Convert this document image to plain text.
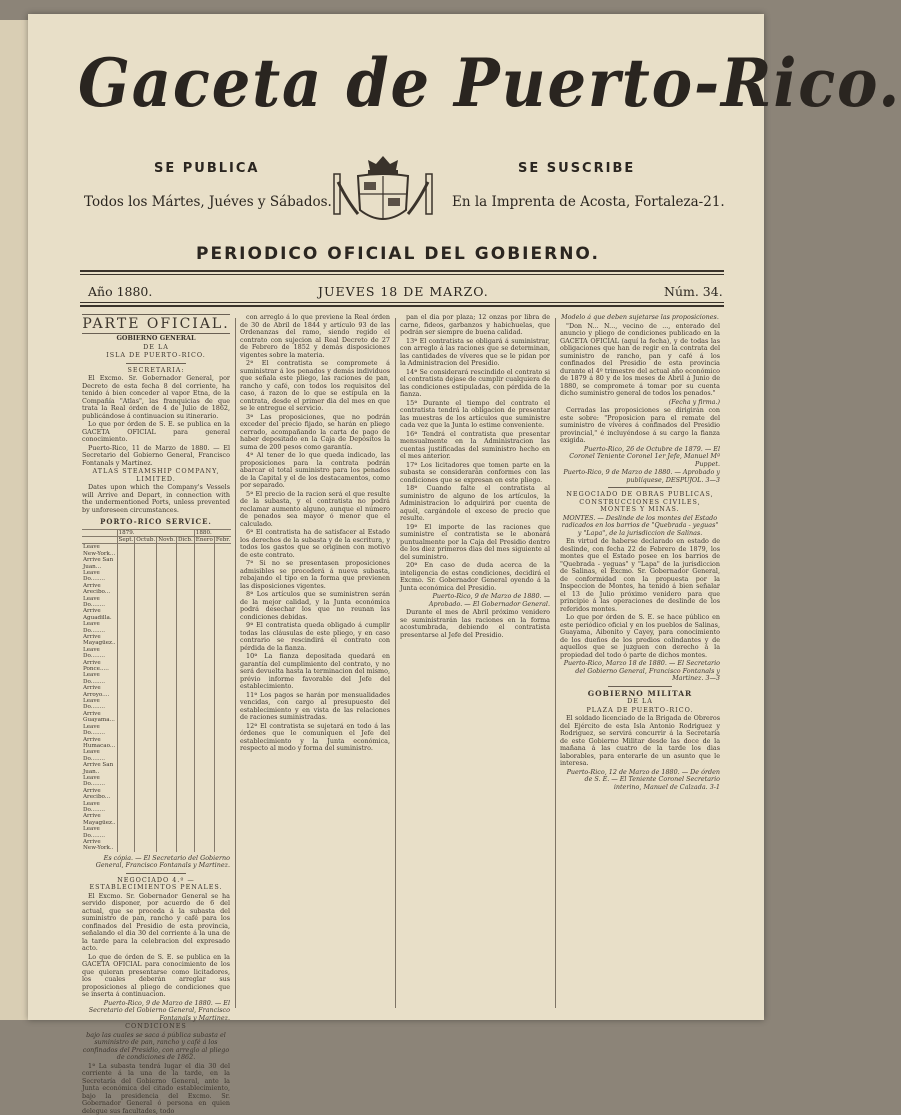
Gaceta de Puerto-Rico.
SE PUBLICA	SE SUSCRIBE
Todos los Mártes, Juéves y Sábados.	En la Imprenta de Acosta, Fortaleza-21.
PERIODICO OFICIAL DEL GOBIERNO.
Año 1880.	JUEVES 18 DE MARZO.	Núm. 34.

PARTE OFICIAL.

GOBIERNO GENERAL

DE LA

ISLA DE PUERTO-RICO.

SECRETARIA:

El Excmo. Sr. Gobernador General, por Decreto de esta fecha 8 del corriente, ha tenido á bien conceder al vapor Etna, de la Compañía "Atlas", las franquicias de que trata la Real órden de 4 de Julio de 1862, publicándose á continuacion su itinerario.

Lo que por órden de S. E. se publica en la GACETA OFICIAL para general conocimiento.

Puerto-Rico, 11 de Marzo de 1880. — El Secretario del Gobierno General, Francisco Fontanals y Martinez.

ATLAS STEAMSHIP COMPANY, LIMITED.

Dates upon which the Company's Vessels will Arrive and Depart, in connection with the undermentioned Ports, unless prevented by unforeseen circumstances.

PORTO-RICO SERVICE.
	1879.				1880.	
	Sept.	Octub.	Novb.	Dicb.	Enero	Febr.
Leave New-York...						
Arrive San Juan...						
Leave Do........						
Arrive Arecibo...						
Leave Do........						
Arrive Aguadilla.						
Leave Do........						
Arrive Mayagüez..						
Leave Do........						
Arrive Ponce.....						
Leave Do........						
Arrive Arroyo....						
Leave Do........						
Arrive Guayama...						
Leave Do........						
Arrive Humacao...						
Leave Do........						
Arrive San Juan..						
Leave Do........						
Arrive Arecibo...						
Leave Do........						
Arrive Mayagüez..						
Leave Do........						
Arrive New-York..						

Es cópia. — El Secretario del Gobierno General, Francisco Fontanals y Martinez.

NEGOCIADO 4.º — ESTABLECIMIENTOS PENALES.

El Excmo. Sr. Gobernador General se ha servido disponer, por acuerdo de 6 del actual, que se proceda á la subasta del suministro de pan, rancho y café para los confinados del Presidio de esta provincia, señalando el dia 30 del corriente á la una de la tarde para la celebracion del expresado acto.

Lo que de órden de S. E. se publica en la GACETA OFICIAL para conocimiento de los que quieran presentarse como licitadores, los cuales deberán arreglar sus proposiciones al pliego de condiciones que se inserta á continuacion.

Puerto-Rico, 9 de Marzo de 1880. — El Secretario del Gobierno General, Francisco Fontanals y Martinez.

CONDICIONES

bajo las cuales se saca á pública subasta el suministro de pan, rancho y café á los confinados del Presidio, con arreglo al pliego de condiciones de 1862.

1ª La subasta tendrá lugar el dia 30 del corriente á la una de la tarde, en la Secretaría del Gobierno General, ante la Junta económica del citado establecimiento, bajo la presidencia del Excmo. Sr. Gobernador General ó persona en quien delegue sus facultades, todo

con arreglo á lo que previene la Real órden de 30 de Abril de 1844 y artículo 93 de las Ordenanzas del ramo, siendo regido el contrato con sujecion al Real Decreto de 27 de Febrero de 1852 y demás disposiciones vigentes sobre la materia.

2ª El contratista se compromete á suministrar á los penados y demás individuos que señala este pliego, las raciones de pan, rancho y café, con todos los requisitos del caso, á razon de lo que se estipula en la contrata, desde el primer dia del mes en que se le entregue el servicio.

3ª Las proposiciones, que no podrán exceder del precio fijado, se harán en pliego cerrado, acompañando la carta de pago de haber depositado en la Caja de Depósitos la suma de 200 pesos como garantía.

4ª Al tener de lo que queda indicado, las proposiciones para la contrata podrán abarcar el total suministro para los penados de la Capital y el de los destacamentos, como por separado.

5ª El precio de la racion será el que resulte de la subasta, y el contratista no podrá reclamar aumento alguno, aunque el número de penados sea mayor ó menor que el calculado.

6ª El contratista ha de satisfacer al Estado los derechos de la subasta y de la escritura, y todos los gastos que se originen con motivo de este contrato.

7ª Si no se presentasen proposiciones admisibles se procederá á nueva subasta, rebajando el tipo en la forma que previenen las disposiciones vigentes.

8ª Los artículos que se suministren serán de la mejor calidad, y la Junta económica podrá desechar los que no reunan las condiciones debidas.

9ª El contratista queda obligado á cumplir todas las cláusulas de este pliego, y en caso contrario se rescindirá el contrato con pérdida de la fianza.

10ª La fianza depositada quedará en garantía del cumplimiento del contrato, y no será devuelta hasta la terminacion del mismo, prévio informe favorable del Jefe del establecimiento.

11ª Los pagos se harán por mensualidades vencidas, con cargo al presupuesto del establecimiento y en vista de las relaciones de raciones suministradas.

12ª El contratista se sujetará en todo á las órdenes que le comuniquen el Jefe del establecimiento y la Junta económica, respecto al modo y forma del suministro.

pan el dia por plaza; 12 onzas por libra de carne, fideos, garbanzos y habichuelas, que podrán ser siempre de buena calidad.

13ª El contratista se obligará á suministrar, con arreglo á las raciones que se determinan, las cantidades de víveres que se le pidan por la Administracion del Presidio.

14ª Se considerará rescindido el contrato si el contratista dejase de cumplir cualquiera de las condiciones estipuladas, con pérdida de la fianza.

15ª Durante el tiempo del contrato el contratista tendrá la obligacion de presentar las muestras de los artículos que suministre cada vez que la Junta lo estime conveniente.

16ª Tendrá el contratista que presentar mensualmente en la Administracion las cuentas justificadas del suministro hecho en el mes anterior.

17ª Los licitadores que tomen parte en la subasta se considerarán conformes con las condiciones que se expresan en este pliego.

18ª Cuando falte el contratista al suministro de alguno de los artículos, la Administracion lo adquirirá por cuenta de aquél, cargándole el exceso de precio que resulte.

19ª El importe de las raciones que suministre el contratista se le abonará puntualmente por la Caja del Presidio dentro de los diez primeros dias del mes siguiente al del suministro.

20ª En caso de duda acerca de la inteligencia de estas condiciones, decidirá el Excmo. Sr. Gobernador General oyendo á la Junta económica del Presidio.

Puerto-Rico, 9 de Marzo de 1880. — Aprobado. — El Gobernador General.

Durante el mes de Abril próximo venidero se suministrarán las raciones en la forma acostumbrada, debiendo el contratista presentarse al Jefe del Presidio.

Modelo á que deben sujetarse las proposiciones.

"Don N... N..., vecino de ..., enterado del anuncio y pliego de condiciones publicado en la GACETA OFICIAL (aquí la fecha), y de todas las obligaciones que han de regir en la contrata del suministro de rancho, pan y café á los confinados del Presidio de esta provincia durante el 4º trimestre del actual año económico de 1879 á 80 y de los meses de Abril á Junio de 1880, se compromete á tomar por su cuenta dicho suministro general de todos los penados."

(Fecha y firma.)

Cerradas las proposiciones se dirigirán con este sobre: "Proposicion para el remate del suministro de víveres á confinados del Presidio provincial," é incluyéndose á su cargo la fianza exigida.

Puerto-Rico, 26 de Octubre de 1879. — El Coronel Teniente Coronel 1er Jefe, Manuel Mª Puppet.

Puerto-Rico, 9 de Marzo de 1880. — Aprobado y publíquese, DESPUJOL. 3—3

NEGOCIADO DE OBRAS PUBLICAS, CONSTRUCCIONES CIVILES, MONTES Y MINAS.

MONTES. — Deslinde de los montes del Estado radicados en los barrios de "Quebrada - yeguas" y "Lapa", de la jurisdiccion de Salinas.

En virtud de haberse declarado en estado de deslinde, con fecha 22 de Febrero de 1879, los montes que el Estado posee en los barrios de "Quebrada - yeguas" y "Lapa" de la jurisdiccion de Salinas, el Excmo. Sr. Gobernador General, de conformidad con la propuesta por la Inspeccion de Montes, ha tenido á bien señalar el 13 de Julio próximo venidero para que principie á las operaciones de deslinde de los referidos montes.

Lo que por órden de S. E. se hace público en este periódico oficial y en los pueblos de Salinas, Guayama, Aibonito y Cayey, para conocimiento de los dueños de los predios colindantes y de aquellos que se juzguen con derecho á la propiedad del todo ó parte de dichos montes.

Puerto-Rico, Marzo 18 de 1880. — El Secretario del Gobierno General, Francisco Fontanals y Martinez. 3—3

GOBIERNO MILITAR

DE LA

PLAZA DE PUERTO-RICO.

El soldado licenciado de la Brigada de Obreros del Ejército de esta Isla Antonio Rodriguez y Rodriguez, se servirá concurrir á la Secretaría de este Gobierno Militar desde las doce de la mañana á las cuatro de la tarde los dias laborables, para enterarle de un asunto que le interesa.

Puerto-Rico, 12 de Marzo de 1880. — De órden de S. E. — El Teniente Coronel Secretario interino, Manuel de Calzada. 3-1
